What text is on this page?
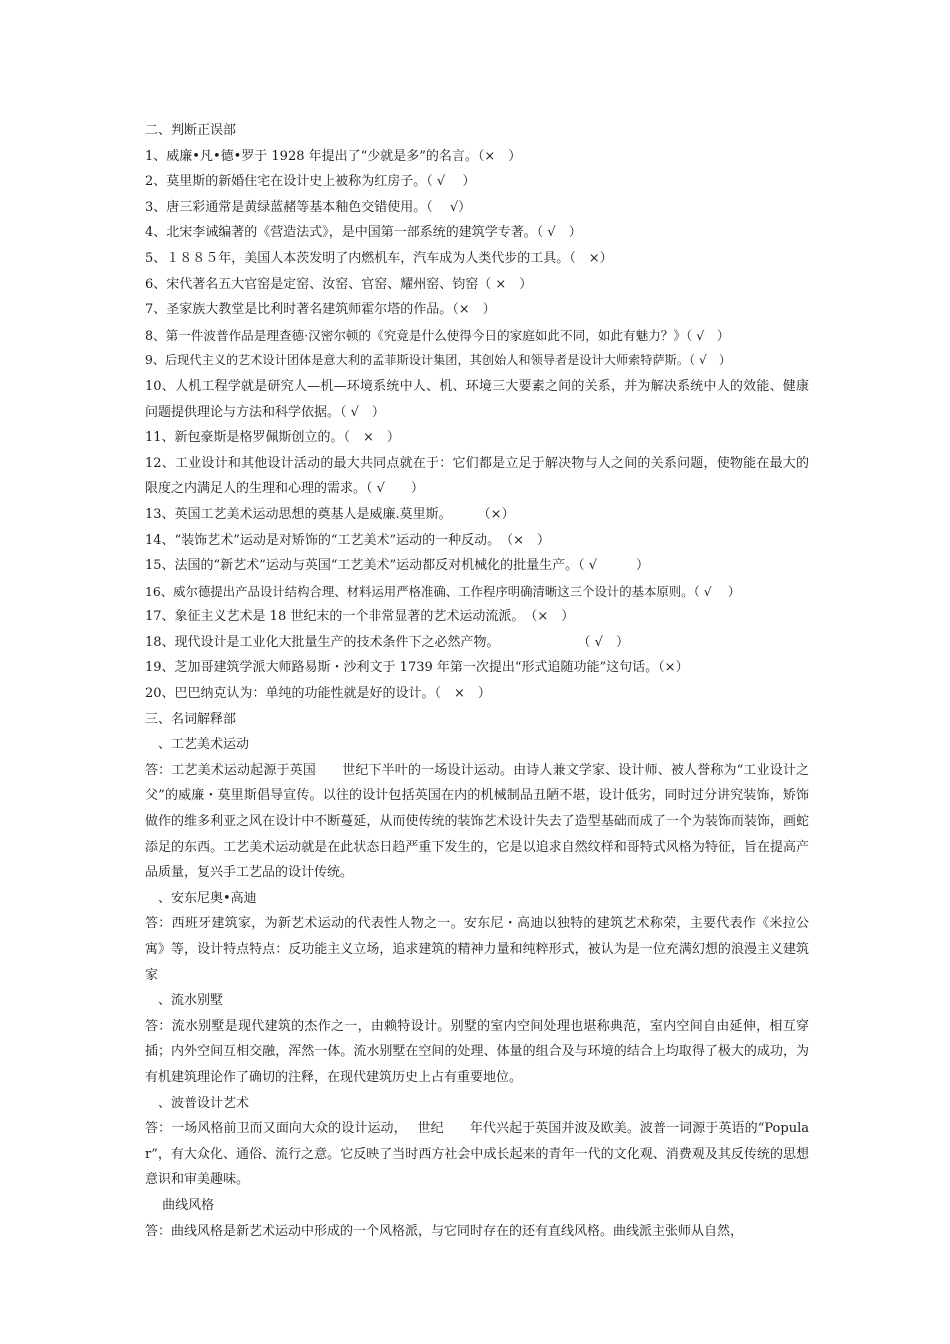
二、判断正误部
1、威廉•凡•德•罗于 1928 年提出了“少就是多”的名言。（×　）
2、莫里斯的新婚住宅在设计史上被称为红房子。（ √　 ）
3、唐三彩通常是黄绿蓝赭等基本釉色交错使用。（　 √）
4、北宋李诫编著的《营造法式》，是中国第一部系统的建筑学专著。（ √　）
5、１８８５年，美国人本茨发明了内燃机车，汽车成为人类代步的工具。（　×）
6、宋代著名五大官窑是定窑、汝窑、官窑、耀州窑、钧窑（ ×　）
7、圣家族大教堂是比利时著名建筑师霍尔塔的作品。（×　）
8、第一件波普作品是理查德·汉密尔顿的《究竟是什么使得今日的家庭如此不同，如此有魅力？》（ √　）
9、后现代主义的艺术设计团体是意大利的孟菲斯设计集团，其创始人和领导者是设计大师索特萨斯。（ √　）

10、人机工程学就是研究人—机—环境系统中人、机、环境三大要素之间的关系，并为解决系统中人的效能、健康问题提供理论与方法和科学依据。（ √　）

11、新包豪斯是格罗佩斯创立的。（　×　）

12、工业设计和其他设计活动的最大共同点就在于：它们都是立足于解决物与人之间的关系问题，使物能在最大的限度之内满足人的生理和心理的需求。（ √　　）

13、英国工艺美术运动思想的奠基人是威廉.莫里斯。　　　（×）
14、“装饰艺术”运动是对矫饰的“工艺美术”运动的一种反动。　（×　）
15、法国的“新艺术”运动与英国“工艺美术”运动都反对机械化的批量生产。（ √　　　）
16、威尔德提出产品设计结构合理、材料运用严格准确、工作程序明确清晰这三个设计的基本原则。（ √　 ）
17、象征主义艺术是 18 世纪末的一个非常显著的艺术运动流派。　（×　）
18、现代设计是工业化大批量生产的技术条件下之必然产物。　　　　　　　（ √　）
19、芝加哥建筑学派大师路易斯・沙利文于 1739 年第一次提出“形式追随功能”这句话。（×）
20、巴巴纳克认为：单纯的功能性就是好的设计。（　×　）
三、名词解释部
　、工艺美术运动

答：工艺美术运动起源于英国　　世纪下半叶的一场设计运动。由诗人兼文学家、设计师、被人誉称为“工业设计之父”的威廉・莫里斯倡导宣传。以往的设计包括英国在内的机械制品丑陋不堪，设计低劣，同时过分讲究装饰，矫饰做作的维多利亚之风在设计中不断蔓延，从而使传统的装饰艺术设计失去了造型基础而成了一个为装饰而装饰，画蛇添足的东西。工艺美术运动就是在此状态日趋严重下发生的，它是以追求自然纹样和哥特式风格为特征，旨在提高产品质量，复兴手工艺品的设计传统。

　、安东尼奥•高迪

答：西班牙建筑家，为新艺术运动的代表性人物之一。安东尼・高迪以独特的建筑艺术称荣，主要代表作《米拉公寓》等，设计特点特点：反功能主义立场，追求建筑的精神力量和纯粹形式，被认为是一位充满幻想的浪漫主义建筑家

　、流水别墅

答：流水别墅是现代建筑的杰作之一，由赖特设计。别墅的室内空间处理也堪称典范，室内空间自由延伸，相互穿插；内外空间互相交融，浑然一体。流水别墅在空间的处理、体量的组合及与环境的结合上均取得了极大的成功，为有机建筑理论作了确切的注释，在现代建筑历史上占有重要地位。

　、波普设计艺术

答：一场风格前卫而又面向大众的设计运动，　 世纪　　年代兴起于英国并波及欧美。波普一词源于英语的“Popular”，有大众化、通俗、流行之意。它反映了当时西方社会中成长起来的青年一代的文化观、消费观及其反传统的思想意识和审美趣味。

　 曲线风格

答：曲线风格是新艺术运动中形成的一个风格派，与它同时存在的还有直线风格。曲线派主张师从自然，
